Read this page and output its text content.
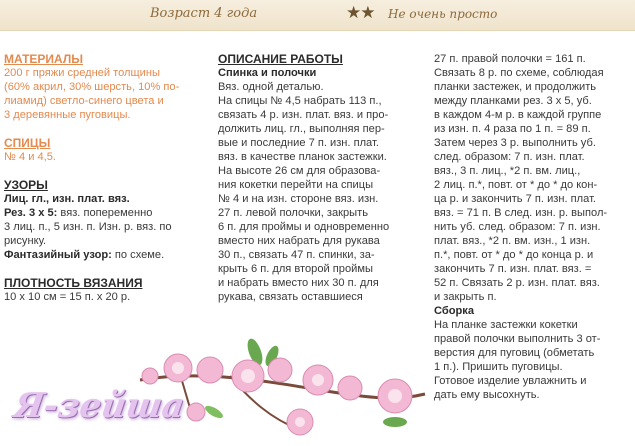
Возраст 4 года	★★ Не очень просто

МАТЕРИАЛЫ

200 г пряжи средней толщины

(60% акрил, 30% шерсть, 10% по-

лиамид) светло-синего цвета и

3 деревянные пуговицы.

СПИЦЫ

№ 4 и 4,5.

УЗОРЫ

Лиц. гл., изн. плат. вяз.

Рез. 3 х 5: вяз. попеременно

3 лиц. п., 5 изн. п. Изн. р. вяз. по

рисунку.

Фантазийный узор: по схеме.

ПЛОТНОСТЬ ВЯЗАНИЯ

10 х 10 см = 15 п. х 20 р.

ОПИСАНИЕ РАБОТЫ

Спинка и полочки

Вяз. одной деталью.

На спицы № 4,5 набрать 113 п.,

связать 4 р. изн. плат. вяз. и про-

должить лиц. гл., выполняя пер-

вые и последние 7 п. изн. плат.

вяз. в качестве планок застежки.

На высоте 26 см для образова-

ния кокетки перейти на спицы

№ 4 и на изн. стороне вяз. изн.

27 п. левой полочки, закрыть

6 п. для проймы и одновременно

вместо них набрать для рукава

30 п., связать 47 п. спинки, за-

крыть 6 п. для второй проймы

и набрать вместо них 30 п. для

рукава, связать оставшиеся

27 п. правой полочки = 161 п.

Связать 8 р. по схеме, соблюдая

планки застежек, и продолжить

между планками рез. 3 х 5, уб.

в каждом 4-м р. в каждой группе

из изн. п. 4 раза по 1 п. = 89 п.

Затем через 3 р. выполнить уб.

след. образом: 7 п. изн. плат.

вяз., 3 п. лиц., *2 п. вм. лиц.,

2 лиц. п.*, повт. от * до * до кон-

ца р. и закончить 7 п. изн. плат.

вяз. = 71 п. В след. изн. р. выпол-

нить уб. след. образом: 7 п. изн.

плат. вяз., *2 п. вм. изн., 1 изн.

п.*, повт. от * до * до конца р. и

закончить 7 п. изн. плат. вяз. =

52 п. Связать 2 р. изн. плат. вяз.

и закрыть п.

Сборка

На планке застежки кокетки

правой полочки выполнить 3 от-

верстия для пуговиц (обметать

1 п.). Пришить пуговицы.

Готовое изделие увлажнить и

дать ему высохнуть.

Я-зейша
